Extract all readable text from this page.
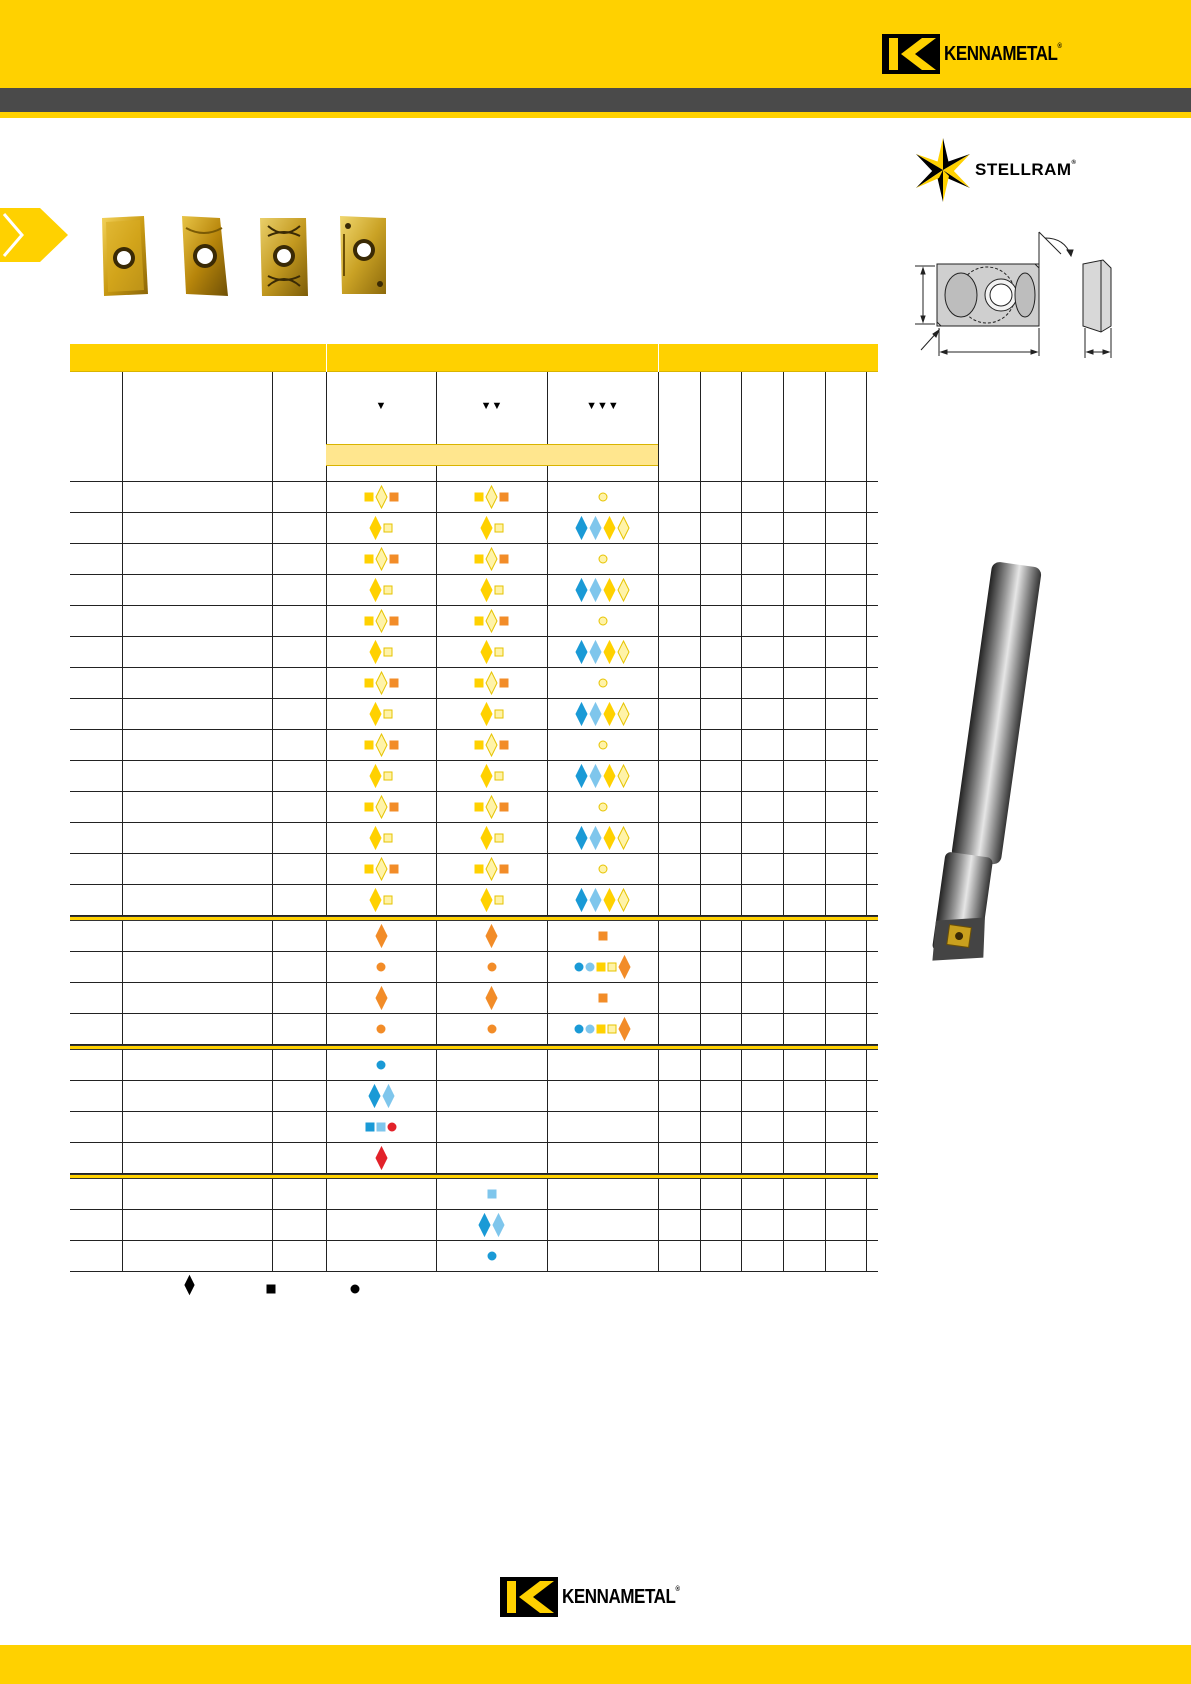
KENNAMETAL®
STELLRAM®
▼	▼▼	▼▼▼
KENNAMETAL®
